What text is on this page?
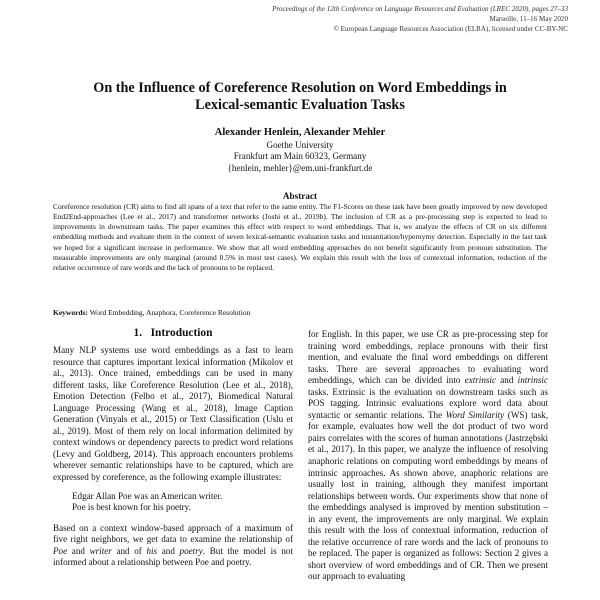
Proceedings of the 12th Conference on Language Resources and Evaluation (LREC 2020), pages 27–33
Marseille, 11–16 May 2020
© European Language Resources Association (ELRA), licensed under CC-BY-NC
On the Influence of Coreference Resolution on Word Embeddings in
Lexical-semantic Evaluation Tasks
Alexander Henlein, Alexander Mehler
Goethe University
Frankfurt am Main 60323, Germany
{henlein, mehler}@em.uni-frankfurt.de
Abstract
Coreference resolution (CR) aims to find all spans of a text that refer to the same entity. The F1-Scores on these task have been greatly improved by new developed End2End-approaches (Lee et al., 2017) and transformer networks (Joshi et al., 2019b). The inclusion of CR as a pre-processing step is expected to lead to improvements in downstream tasks. The paper examines this effect with respect to word embeddings. That is, we analyze the effects of CR on six different embedding methods and evaluate them in the context of seven lexical-semantic evaluation tasks and instantiation/hypernymy detection. Especially in the last task we hoped for a significant increase in performance. We show that all word embedding approaches do not benefit significantly from pronoun substitution. The measurable improvements are only marginal (around 0.5% in most test cases). We explain this result with the loss of contextual information, reduction of the relative occurrence of rare words and the lack of pronouns to be replaced.
Keywords: Word Embedding, Anaphora, Coreference Resolution
1. Introduction

Many NLP systems use word embeddings as a fast to learn resource that captures important lexical information (Mikolov et al., 2013). Once trained, embeddings can be used in many different tasks, like Coreference Resolution (Lee et al., 2018), Emotion Detection (Felbo et al., 2017), Biomedical Natural Language Processing (Wang et al., 2018), Image Caption Generation (Vinyals et al., 2015) or Text Classification (Uslu et al., 2019). Most of them rely on local information delimited by context windows or dependency parects to predict word relations (Levy and Goldberg, 2014). This approach encounters problems wherever semantic relationships have to be captured, which are expressed by coreference, as the following example illustrates:

Edgar Allan Poe was an American writer.
Poe is best known for his poetry.

Based on a context window-based approach of a maximum of five right neighbors, we get data to examine the relationship of Poe and writer and of his and poetry. But the model is not informed about a relationship between Poe and poetry.

for English. In this paper, we use CR as pre-processing step for training word embeddings, replace pronouns with their first mention, and evaluate the final word embeddings on different tasks. There are several approaches to evaluating word embeddings, which can be divided into extrinsic and intrinsic tasks. Extrinsic is the evaluation on downstream tasks such as POS tagging. Intrinsic evaluations explore word data about syntactic or semantic relations. The Word Similarity (WS) task, for example, evaluates how well the dot product of two word pairs correlates with the scores of human annotations (Jastrzębski et al., 2017). In this paper, we analyze the influence of resolving anaphoric relations on computing word embeddings by means of intrinsic approaches. As shown above, anaphoric relations are usually lost in training, although they manifest important relationships between words. Our experiments show that none of the embeddings analysed is improved by mention substitution – in any event, the improvements are only marginal. We explain this result with the loss of contextual information, reduction of the relative occurrence of rare words and the lack of pronouns to be replaced. The paper is organized as follows: Section 2 gives a short overview of word embeddings and of CR. Then we present our approach to evaluating
